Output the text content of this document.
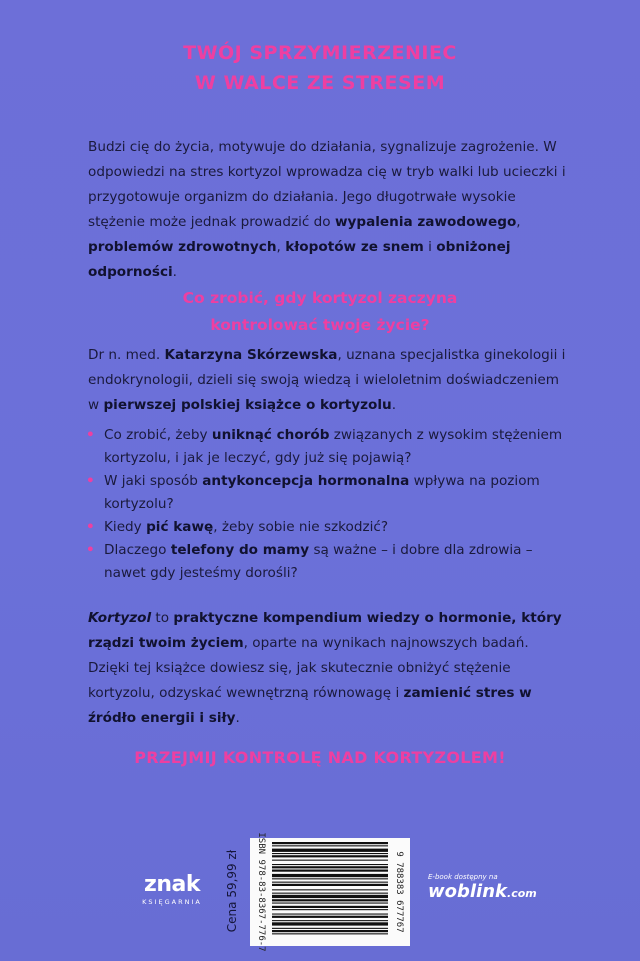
TWÓJ SPRZYMIERZENIEC
W WALCE ZE STRESEM
Budzi cię do życia, motywuje do działania, sygnalizuje zagrożenie. W odpowiedzi na stres kortyzol wprowadza cię w tryb walki lub ucieczki i przygotowuje organizm do działania. Jego długotrwałe wysokie stężenie może jednak prowadzić do wypalenia zawodowego, problemów zdrowotnych, kłopotów ze snem i obniżonej odporności.
Co zrobić, gdy kortyzol zaczyna
kontrolować twoje życie?
Dr n. med. Katarzyna Skórzewska, uznana specjalistka ginekologii i endokrynologii, dzieli się swoją wiedzą i wieloletnim doświadczeniem w pierwszej polskiej książce o kortyzolu.
• Co zrobić, żeby uniknąć chorób związanych z wysokim stężeniem kortyzolu, i jak je leczyć, gdy już się pojawią?
• W jaki sposób antykoncepcja hormonalna wpływa na poziom kortyzolu?
• Kiedy pić kawę, żeby sobie nie szkodzić?
• Dlaczego telefony do mamy są ważne – i dobre dla zdrowia – nawet gdy jesteśmy dorośli?
Kortyzol to praktyczne kompendium wiedzy o hormonie, który rządzi twoim życiem, oparte na wynikach najnowszych badań. Dzięki tej książce dowiesz się, jak skutecznie obniżyć stężenie kortyzolu, odzyskać wewnętrzną równowagę i zamienić stres w źródło energii i siły.
PRZEJMIJ KONTROLĘ NAD KORTYZOLEM!
znak
KSIĘGARNIA	Cena 59,99 zł ISBN 978-83-8367-776-7	9 788383 677767	E-book dostępny na
woblink.com
